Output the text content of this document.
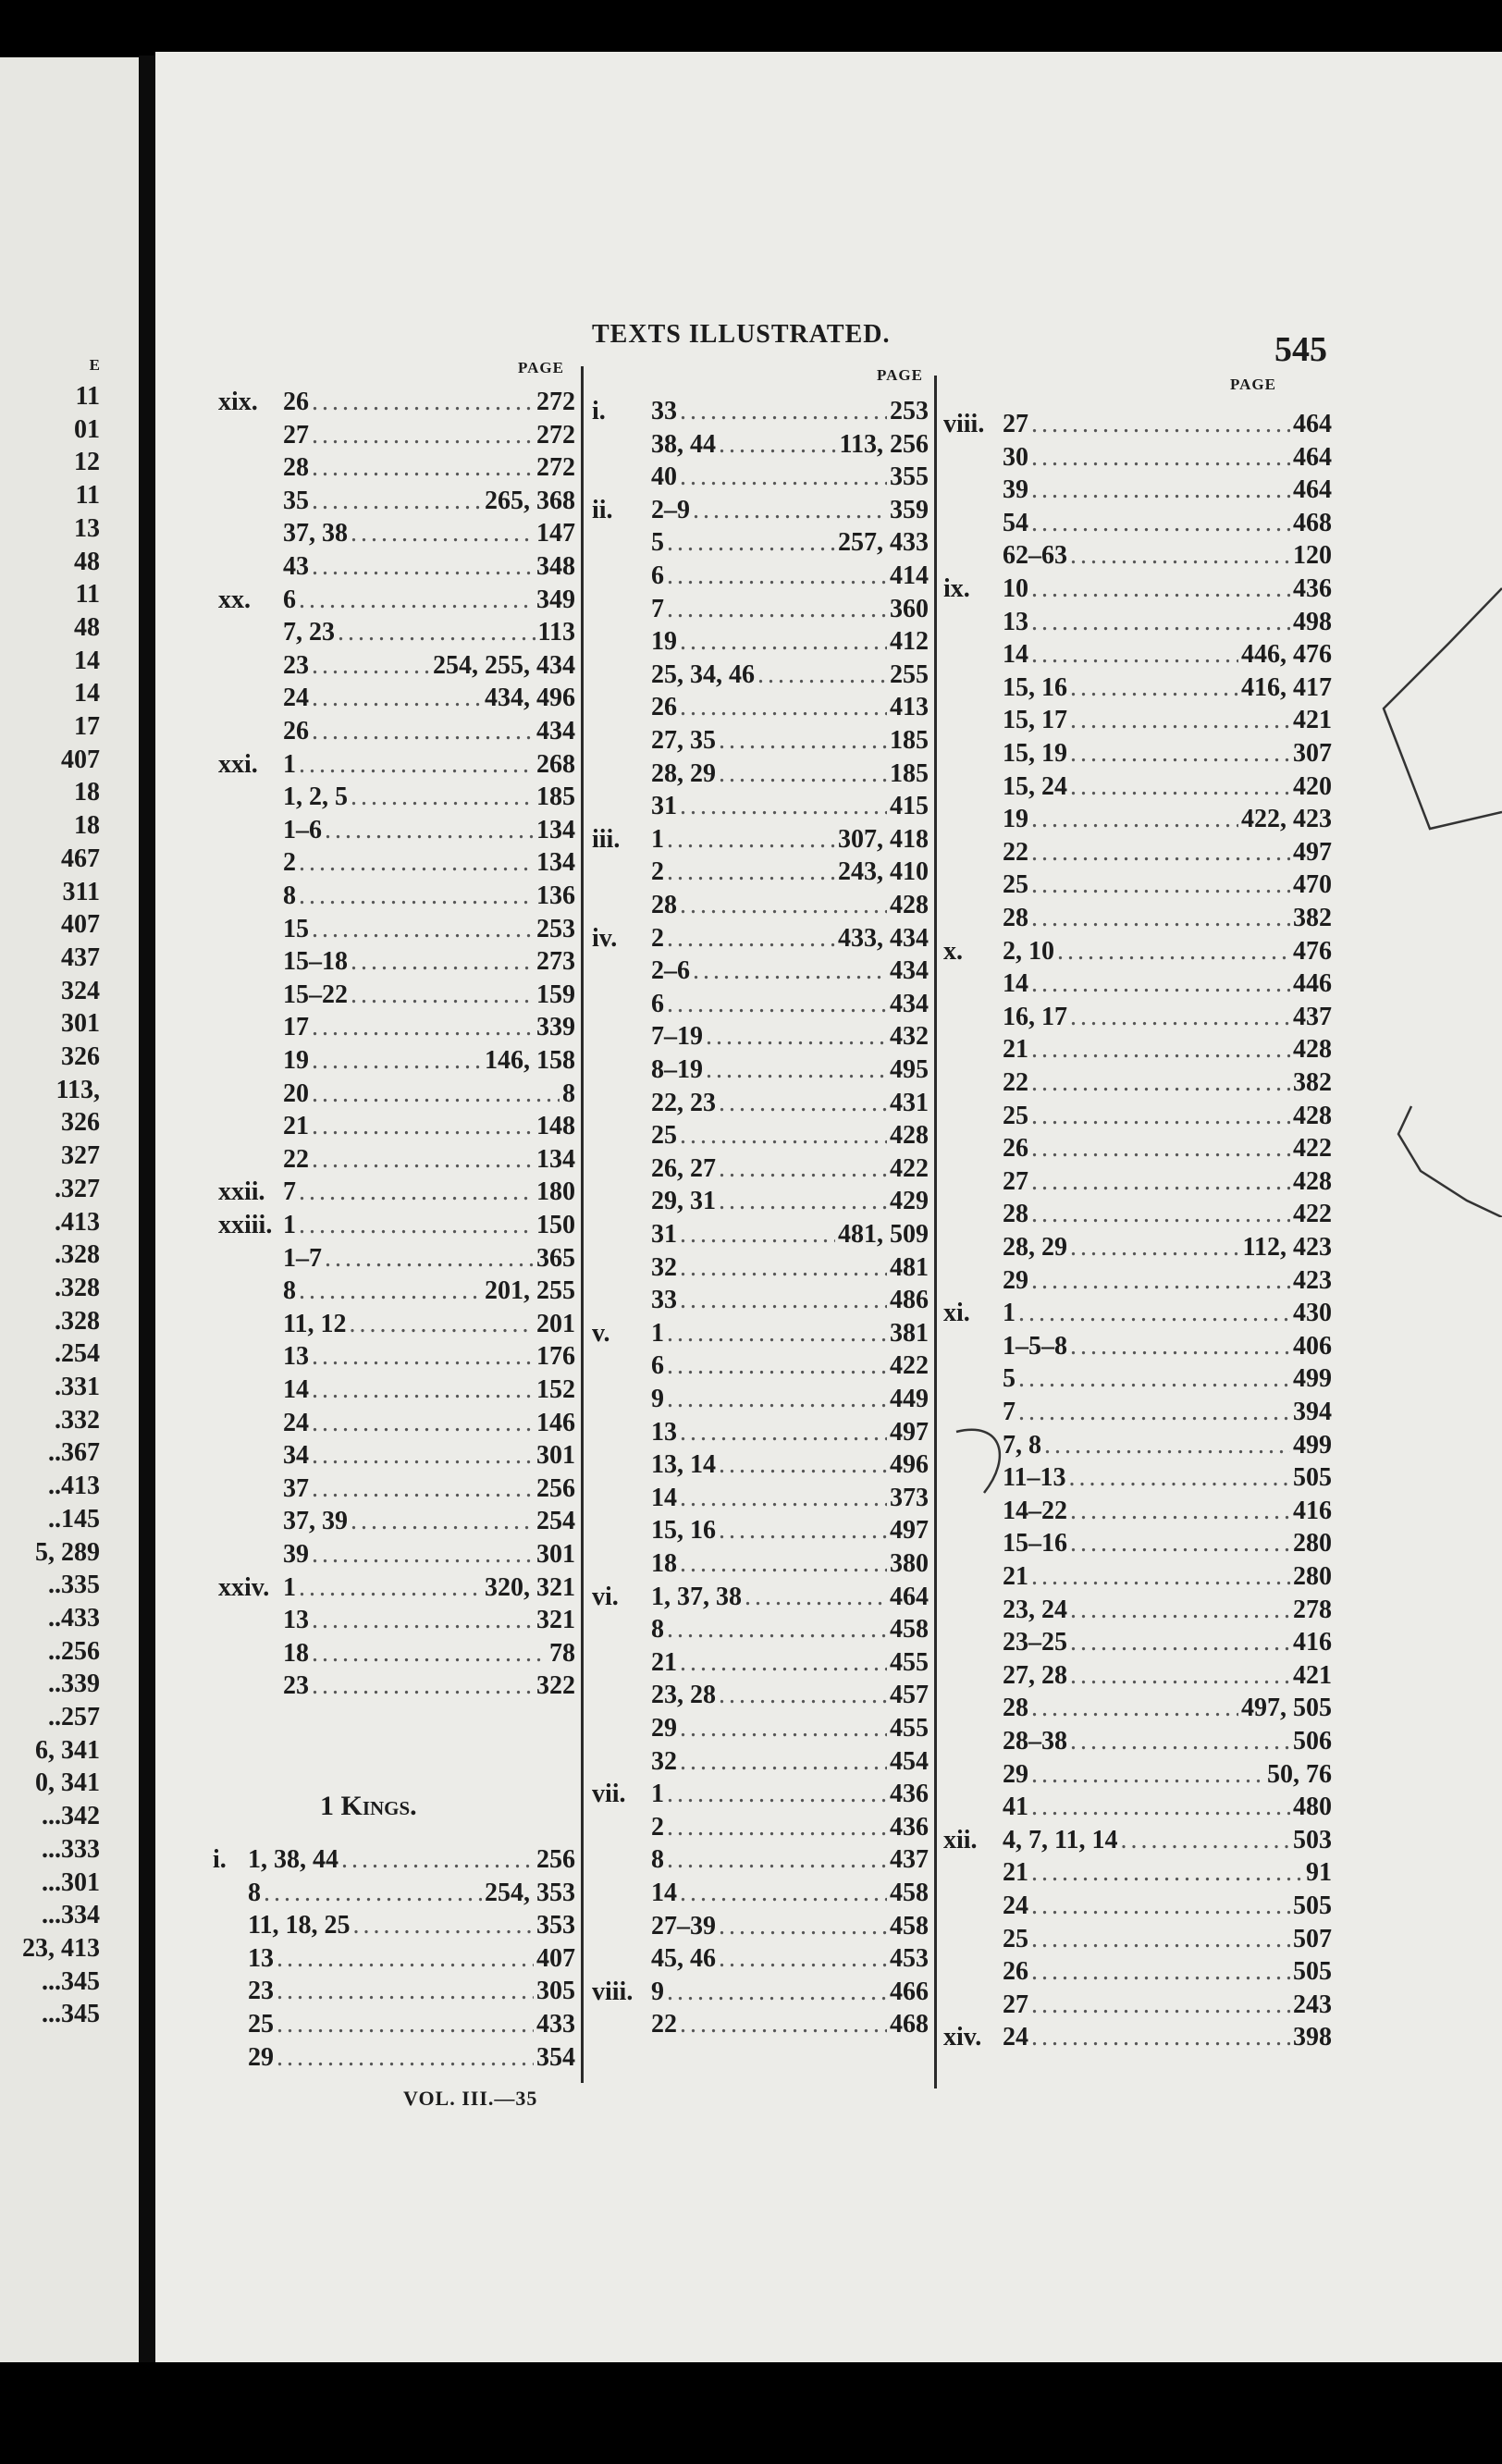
E
11
01
12
11
13
48
11
48
14
14
17
407
18
18
467
311
407
437
324
301
326
113,
326
327
.327
.413
.328
.328
.328
.254
.331
.332
..367
..413
..145
5, 289
..335
..433
..256
..339
..257
6, 341
0, 341
...342
...333
...301
...334
23, 413
...345
...345
TEXTS ILLUSTRATED.	545
PAGE	PAGE
PAGE
xix. 26 .....	272
27 .....	272
28 .....	272
35 .....	265, 368
37, 38 .....	147
43 .....	348
xx.	6 .....	349
7, 23 .....	113
23 .....	254, 255, 434
24 .....	434, 496
26 .....	434
xxi. 1 .....	268
1, 2, 5 .....	185
1–6 .....	134
2 .....	134
8 .....	136
15 .....	253
15–18 .....	273
15–22 .....	159
17 .....	339
19 .....	146, 158
20 .....	8
21 .....	148
22 .....	134
xxii. 7 .....	180
xxiii. 1 .....	150
1–7 .....	365
8 .....	201, 255
11, 12 .....	201
13 .....	176
14 .....	152
24 .....	146
34 .....	301
37 .....	256
37, 39 .....	254
39 .....	301
xxiv. 1 .....	320, 321
13 .....	321
18 .....	78
23 .....	322
i. 1, 38, 44 .....	256
8 .....	254, 353
11, 18, 25 .....	353
13 .....	407
23 .....	305
25 .....	433
29 .....	354
i.	33 .....	253
38, 44 .....	113, 256
40 .....	355
ii.	2–9 .....	359
5 .....	257, 433
6 .....	414
7 .....	360
19 .....	412
25, 34, 46 .....	255
26 .....	413
27, 35 .....	185
28, 29 .....	185
31 .....	415
iii.	1 .....	307, 418
2 .....	243, 410
28 .....	428
iv.	2 .....	433, 434
2–6 .....	434
6 .....	434
7–19 .....	432
8–19 .....	495
22, 23 .....	431
25 .....	428
26, 27 .....	422
29, 31 .....	429
31 .....	481, 509
32 .....	481
33 .....	486
v.	1 .....	381
6 .....	422
9 .....	449
13 .....	497
13, 14 .....	496
14 .....	373
15, 16 .....	497
18 .....	380
vi.	1, 37, 38 .....	464
8 .....	458
21 .....	455
23, 28 .....	457
29 .....	455
32 .....	454
vii. 1 .....	436
2 .....	436
8 .....	437
14 .....	458
27–39 .....	458
45, 46 .....	453
viii. 9 .....	466
22 .....	468
viii. 27 .....	464
30 .....	464
39 .....	464
54 .....	468
62–63 .....	120
ix.	10 .....	436
13 .....	498
14 .....	446, 476
15, 16 .....	416, 417
15, 17 .....	421
15, 19 .....	307
15, 24 .....	420
19 .....	422, 423
22 .....	497
25 .....	470
28 .....	382
x.	2, 10 .....	476
14 .....	446
16, 17 .....	437
21 .....	428
22 .....	382
25 .....	428
26 .....	422
27 .....	428
28 .....	422
28, 29 .....	112, 423
29 .....	423
xi.	1 .....	430
1–5–8 .....	406
5 .....	499
7 .....	394
7, 8 .....	499
11–13 .....	505
14–22 .....	416
15–16 .....	280
21 .....	280
23, 24 .....	278
23–25 .....	416
27, 28 .....	421
28 .....	497, 505
28–38 .....	506
29 .....	50, 76
41 .....	480
xii. 4, 7, 11, 14 .....	503
21 .....	91
24 .....	505
25 .....	507
26 .....	505
27 .....	243
xiv. 24 .....	398
1 Kings.
VOL. III.—35
